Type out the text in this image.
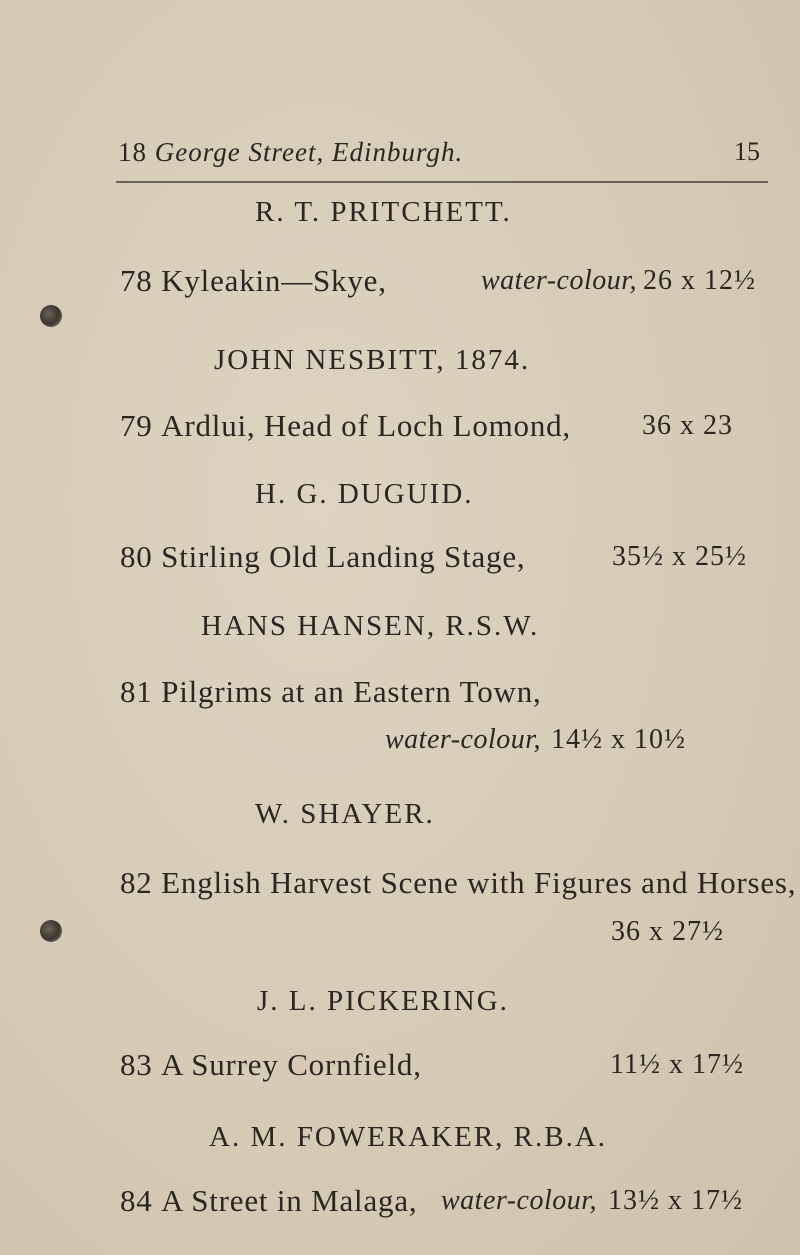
18 George Street, Edinburgh.	15
R. T. PRITCHETT.
78 Kyleakin—Skye,	water-colour, 26 x 12½
JOHN NESBITT, 1874.
79 Ardlui, Head of Loch Lomond,	36 x 23
H. G. DUGUID.
80 Stirling Old Landing Stage,	35½ x 25½
HANS HANSEN, R.S.W.
81 Pilgrims at an Eastern Town,
water-colour, 14½ x 10½
W. SHAYER.
82 English Harvest Scene with Figures and Horses,
36 x 27½
J. L. PICKERING.
83 A Surrey Cornfield,	11½ x 17½
A. M. FOWERAKER, R.B.A.
84 A Street in Malaga, water-colour, 13½ x 17½
